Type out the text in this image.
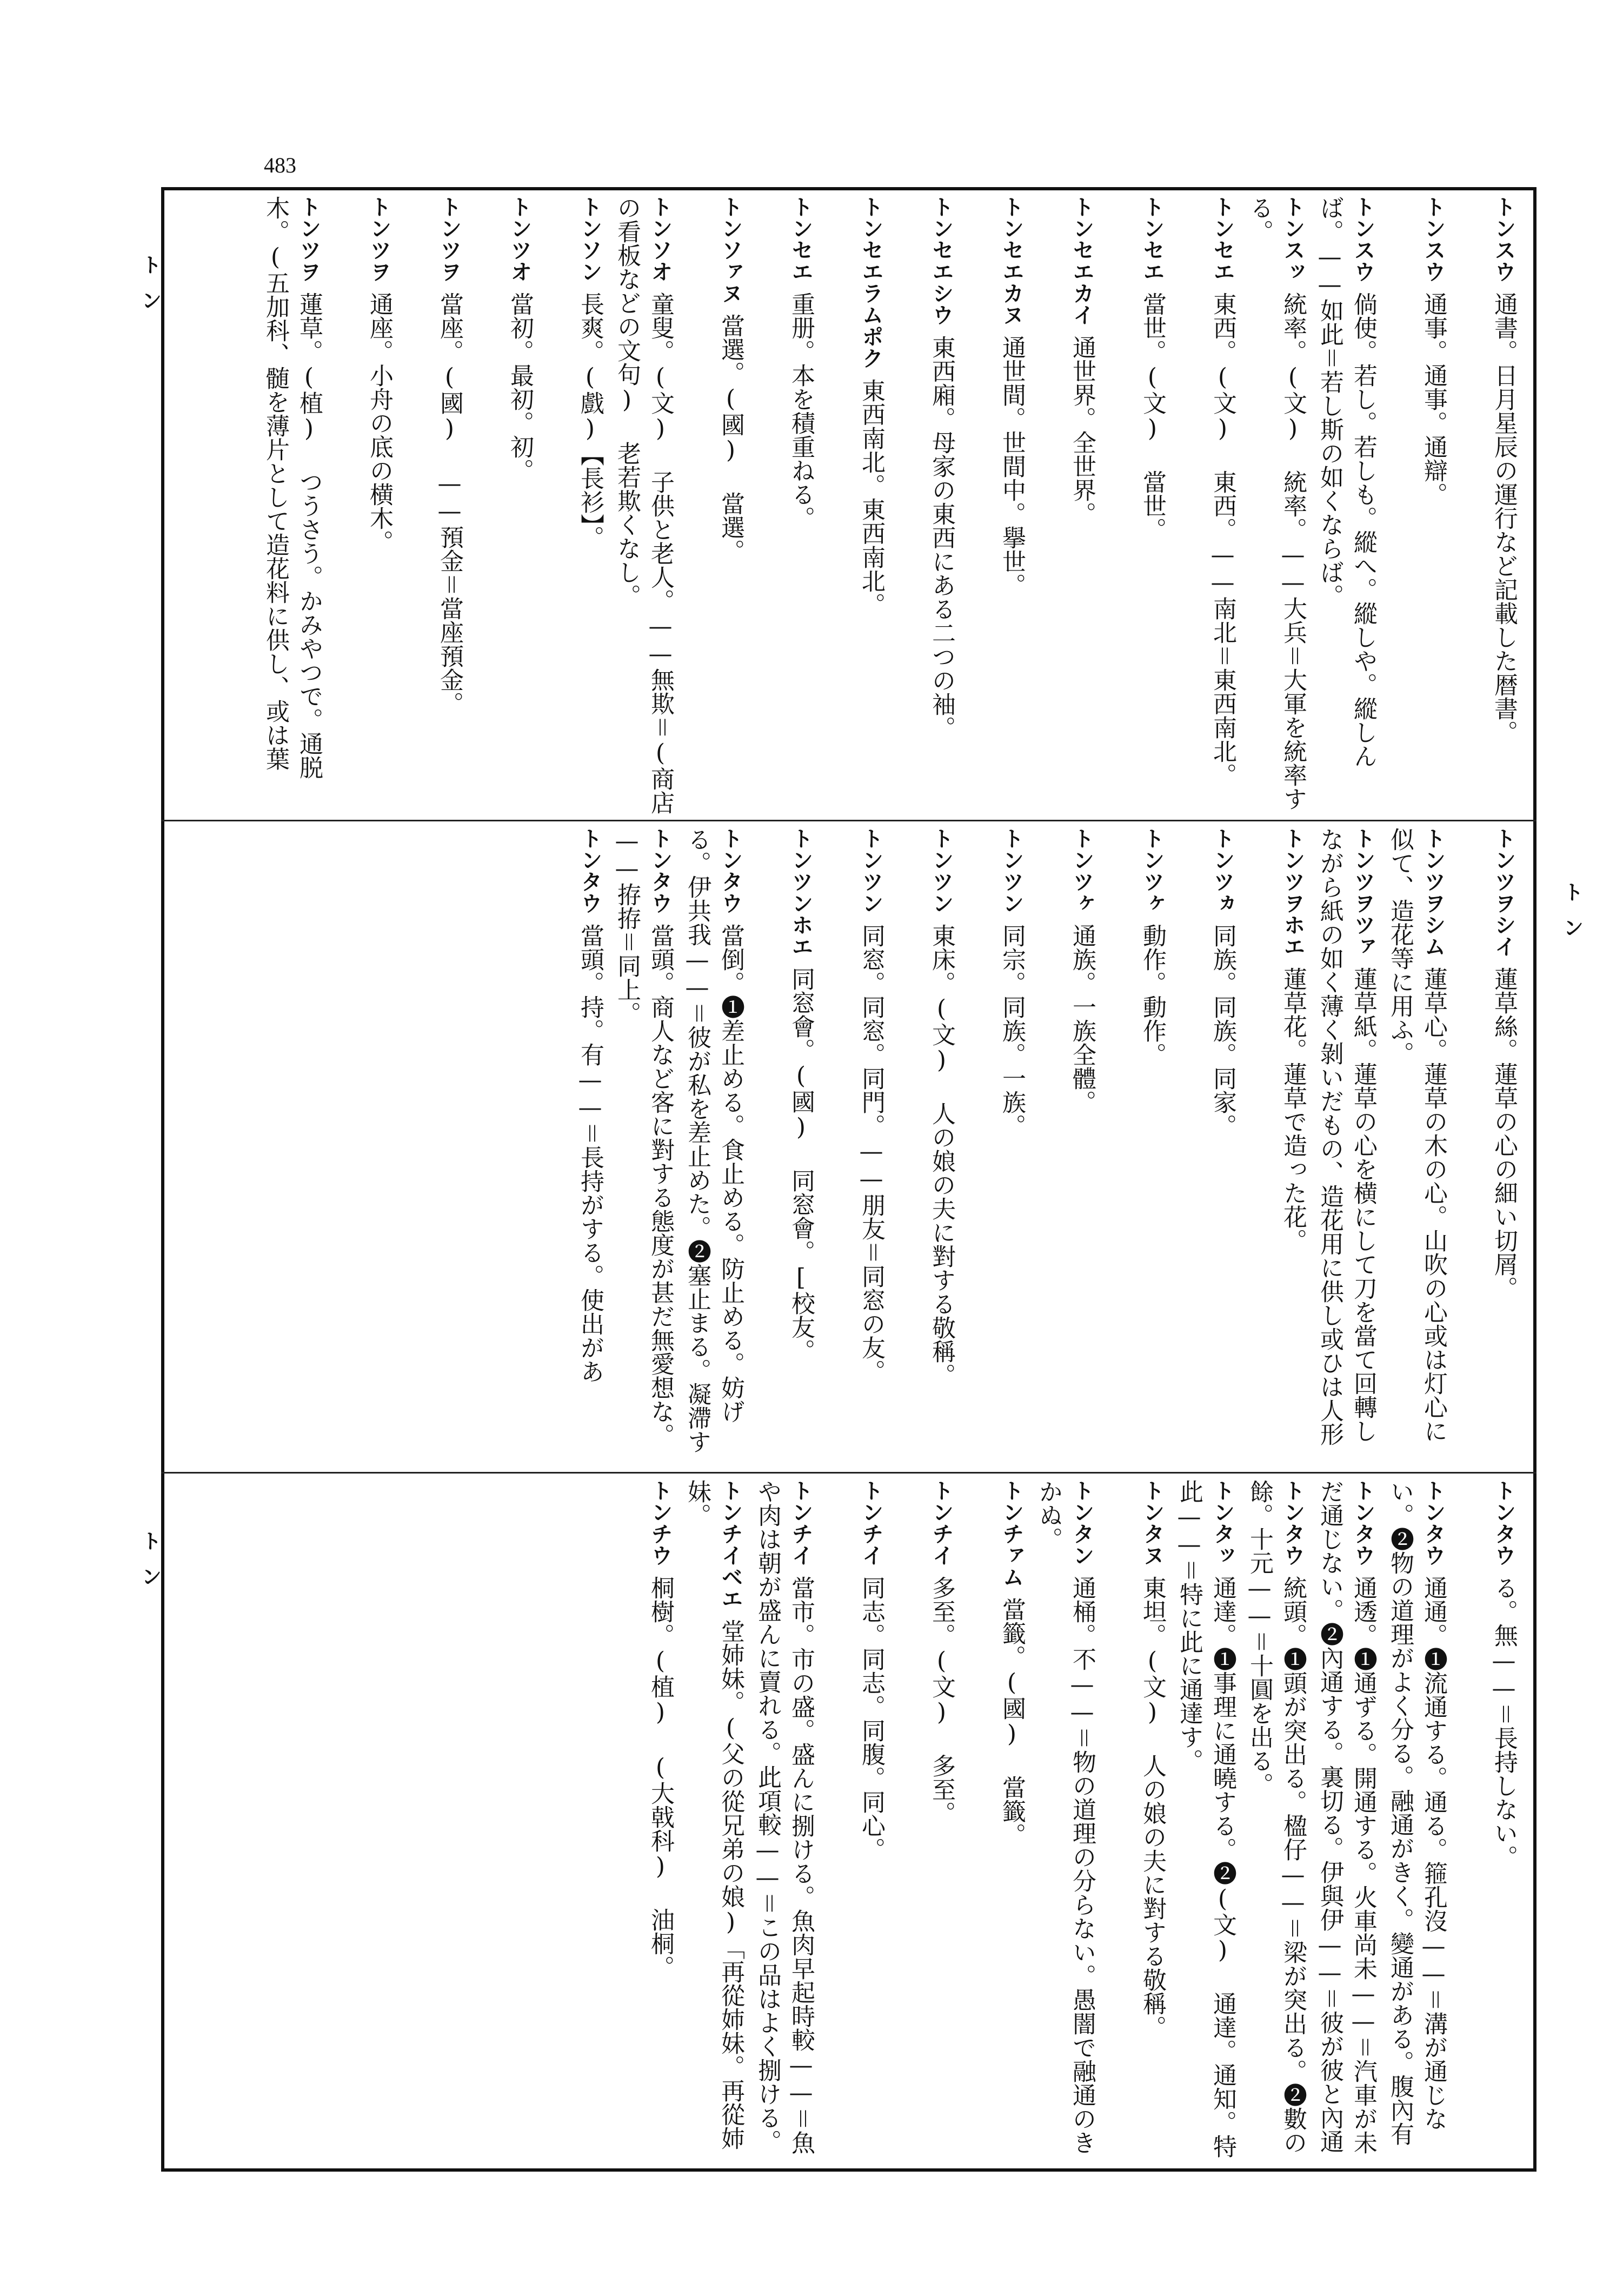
483
トン
トン
トン
トンスウ通書。日月星辰の運行など記載した暦書。
トンスウ通事。通事。通辯。
トンスウ倘使。若し。若しも。縱へ。縱しや。縱しんば。——如此＝若し斯の如くならば。
トンスッ統率。(文) 統率。——大兵＝大軍を統率する。
トンセエ東西。(文) 東西。——南北＝東西南北。
トンセエ當世。(文) 當世。
トンセエカイ通世界。全世界。
トンセエカヌ通世間。世間中。擧世。
トンセエシウ東西廂。母家の東西にある二つの袖。
トンセエラムポク東西南北。東西南北。
トンセエ重册。本を積重ねる。
トンソァヌ當選。(國) 當選。
トンソオ童叟。(文) 子供と老人。——無欺＝(商店の看板などの文句) 老若欺くなし。
トンソン長爽。(戲)【長衫】。
トンツオ當初。最初。初。
トンツヲ當座。(國) ——預金＝當座預金。
トンツヲ通座。小舟の底の横木。
トンツヲ蓮草。(植) つうさう。かみやつで。通脱木。(五加科、髄を薄片として造花料に供し、或は葉
トンツヲシイ蓮草絲。蓮草の心の細い切屑。
トンツヲシム蓮草心。蓮草の木の心。山吹の心或は灯心に似て、造花等に用ふ。
トンツヲツァ蓮草紙。蓮草の心を横にして刀を當て回轉しながら紙の如く薄く剝いだもの、造花用に供し或ひは人形
トンツヲホエ蓮草花。蓮草で造った花。
トンツヵ同族。同族。同家。
トンツヶ動作。動作。
トンツヶ通族。一族全體。
トンツン同宗。同族。一族。
トンツン東床。(文) 人の娘の夫に對する敬稱。
トンツン同窓。同窓。同門。——朋友＝同窓の友。
トンツンホエ同窓會。(國) 同窓會。[校友。
トンタウ當倒。❶差止める。食止める。防止める。妨げる。伊共我——＝彼が私を差止めた。❷塞止まる。凝滯す
トンタウ當頭。商人など客に對する態度が甚だ無愛想な。——拵拵＝同上。
トンタウ當頭。持。有——＝長持がする。使出があ
トンタウる。無——＝長持しない。
トンタウ通通。❶流通する。通る。箍孔沒——＝溝が通じない。❷物の道理がよく分る。融通がきく。變通がある。腹內有
トンタウ通透。❶通ずる。開通する。火車尚未——＝汽車が未だ通じない。❷內通する。裏切る。伊與伊——＝彼が彼と內通
トンタウ統頭。❶頭が突出る。楹仔——＝梁が突出る。❷數の餘。十元——＝十圓を出る。
トンタッ通達。❶事理に通曉する。❷(文) 通達。通知。特此——＝特に此に通達す。
トンタヌ東坦。(文) 人の娘の夫に對する敬稱。
トンタン通桶。不——＝物の道理の分らない。愚闇で融通のきかぬ。
トンチァム當籤。(國) 當籤。
トンチイ多至。(文) 多至。
トンチイ同志。同志。同腹。同心。
トンチイ當市。市の盛。盛んに捌ける。魚肉早起時較——＝魚や肉は朝が盛んに賣れる。此項較——＝この品はよく捌ける。
トンチイベエ堂姉妹。(父の從兄弟の娘)「再從姉妹。再從姉妹。
トンチウ桐樹。(植) (大戟科) 油桐。
